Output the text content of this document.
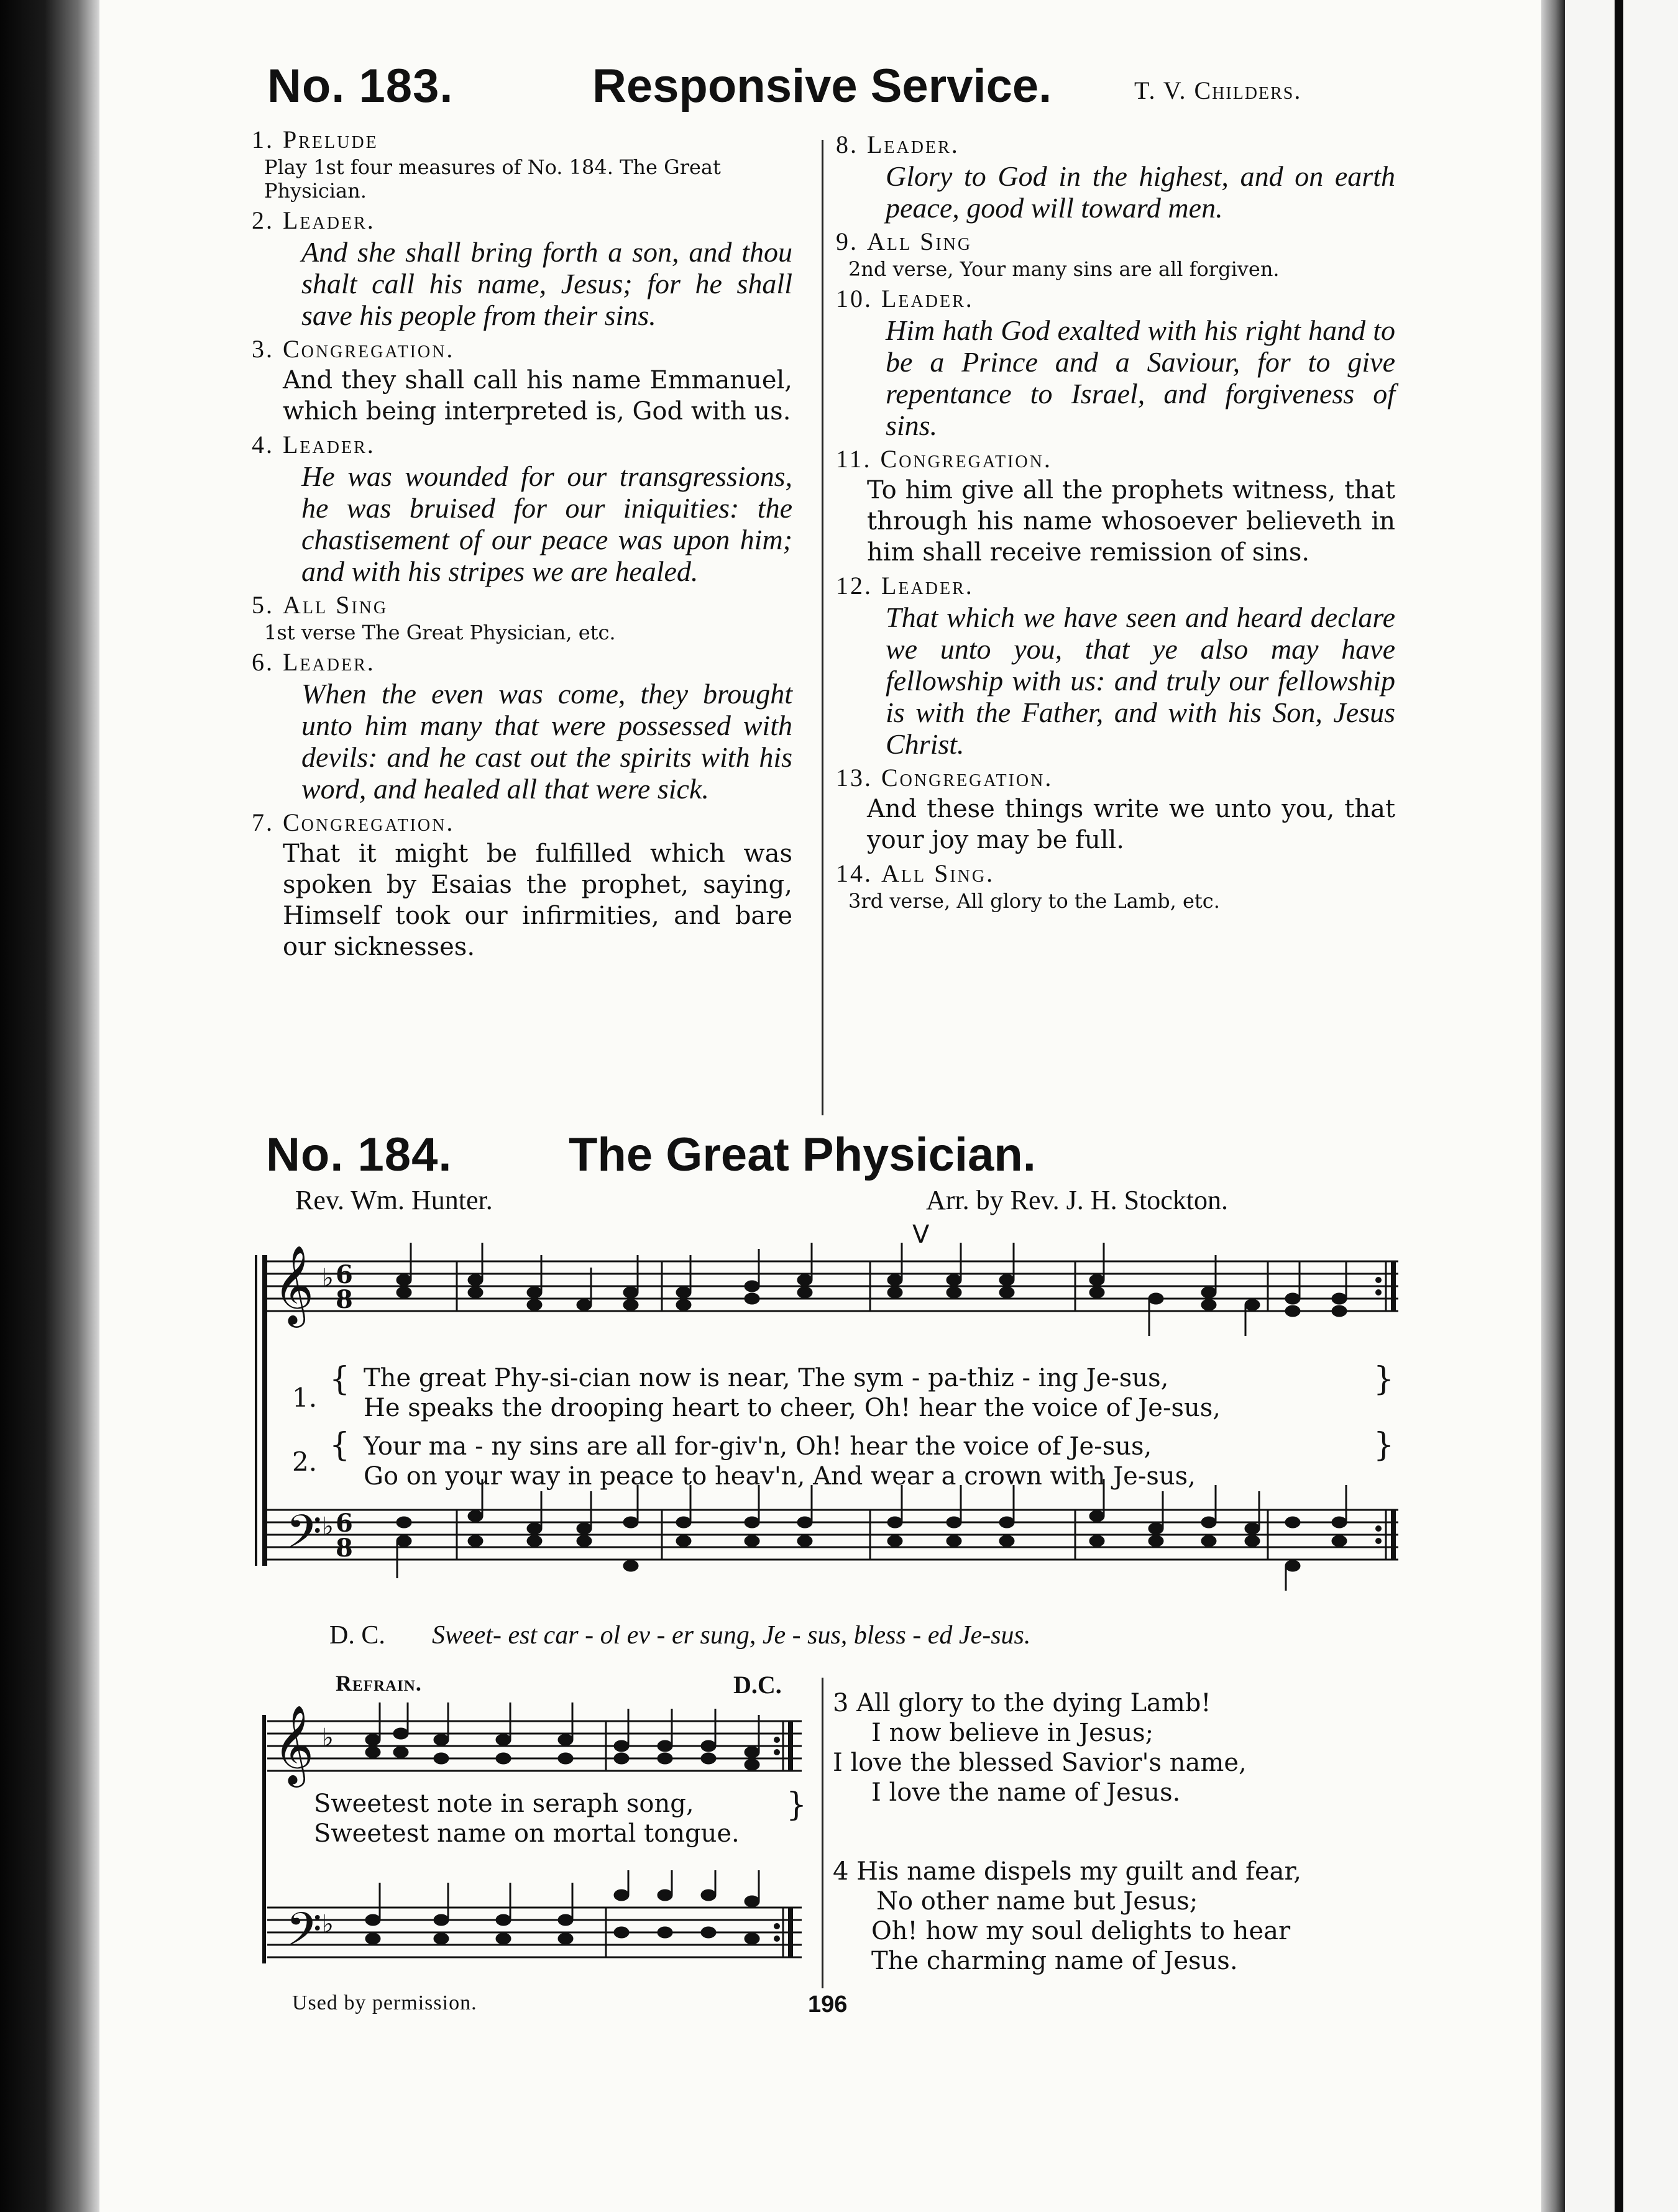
No. 183.	Responsive Service.	T. V. Childers.
1. Prelude
Play 1st four measures of No. 184. The Great Physician.
2. Leader.
And she shall bring forth a son, and thou shalt call his name, Jesus; for he shall save his people from their sins.
3. Congregation.
And they shall call his name Emmanuel, which being interpreted is, God with us.
4. Leader.
He was wounded for our transgressions, he was bruised for our iniquities: the chastisement of our peace was upon him; and with his stripes we are healed.
5. All Sing
1st verse The Great Physician, etc.
6. Leader.
When the even was come, they brought unto him many that were possessed with devils: and he cast out the spirits with his word, and healed all that were sick.
7. Congregation.
That it might be fulfilled which was spoken by Esaias the prophet, saying, Himself took our infirmities, and bare our sicknesses.
8. Leader.
Glory to God in the highest, and on earth peace, good will toward men.
9. All Sing
2nd verse, Your many sins are all forgiven.
10. Leader.
Him hath God exalted with his right hand to be a Prince and a Saviour, for to give repentance to Israel, and forgiveness of sins.
11. Congregation.
To him give all the prophets witness, that through his name whosoever believeth in him shall receive remission of sins.
12. Leader.
That which we have seen and heard declare we unto you, that ye also may have fellowship with us: and truly our fellowship is with the Father, and with his Son, Jesus Christ.
13. Congregation.
And these things write we unto you, that your joy may be full.
14. All Sing.
3rd verse, All glory to the Lamb, etc.
No. 184. The Great Physician.
Rev. Wm. Hunter.	Arr. by Rev. J. H. Stockton.
𝄞
𝄢
♭
♭
6
8
6
8
V
1.
2.
{
{
}
}
The great Phy-si-cian now is near, The sym - pa-thiz - ing Je-sus,
He speaks the drooping heart to cheer, Oh! hear the voice of Je-sus,
Your ma - ny sins are all for-giv'n, Oh! hear the voice of Je-sus,
Go on your way in peace to heav'n, And wear a crown with Je-sus,
D. C. Sweet- est car - ol ev - er sung, Je - sus, bless - ed Je-sus.
Refrain.	D.C.
𝄞
𝄢
♭
♭
Sweetest note in seraph song,
Sweetest name on mortal tongue.
}
3 All glory to the dying Lamb!
I now believe in Jesus;
I love the blessed Savior's name,
I love the name of Jesus.
4 His name dispels my guilt and fear,
No other name but Jesus;
Oh! how my soul delights to hear
The charming name of Jesus.
Used by permission.	196
